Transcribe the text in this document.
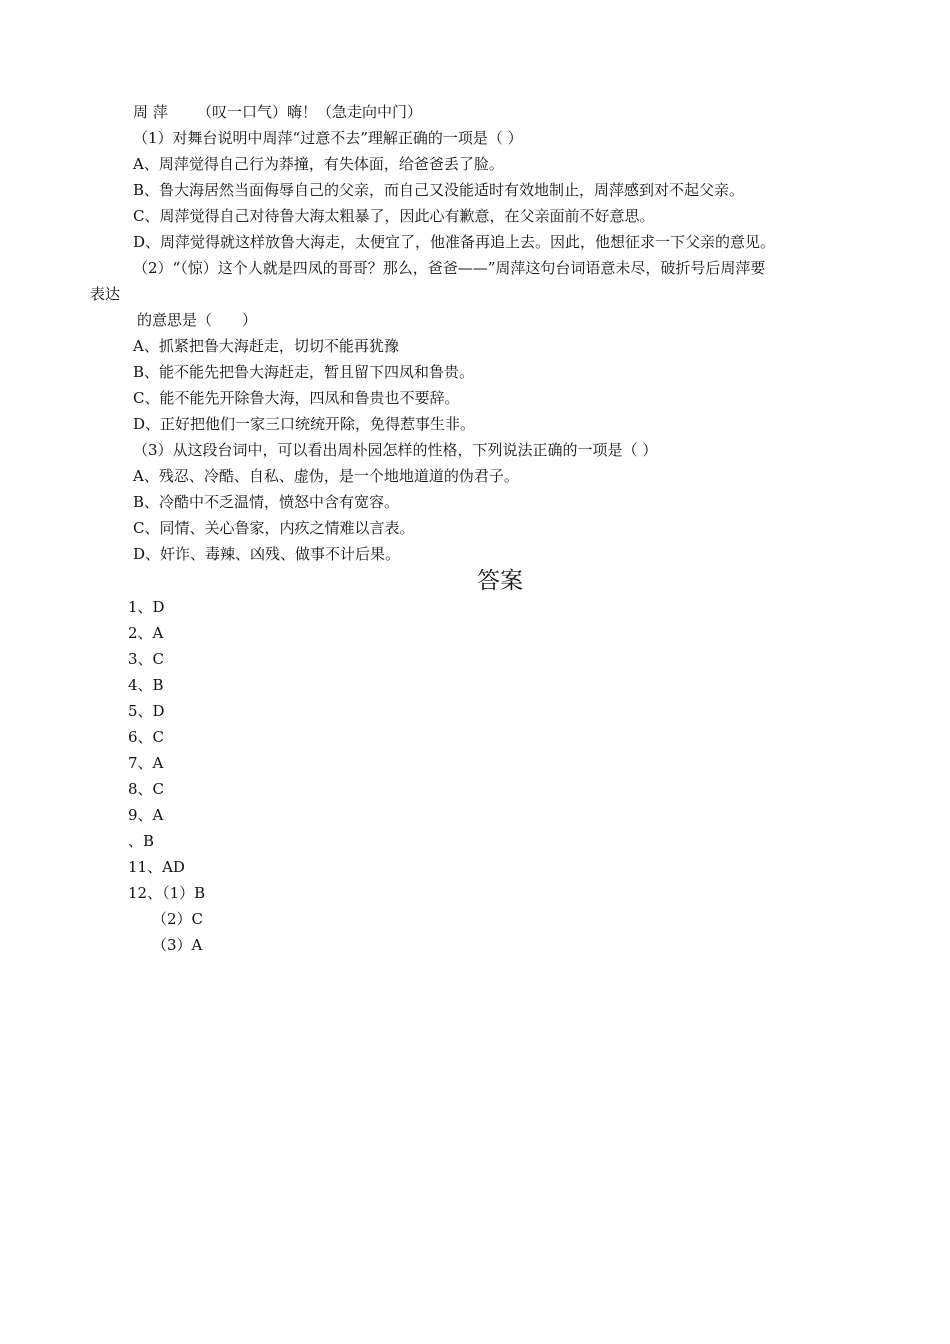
周 萍 （叹一口气）嗨！（急走向中门）
（1）对舞台说明中周萍“过意不去”理解正确的一项是（ ）
A、周萍觉得自己行为莽撞，有失体面，给爸爸丢了脸。
B、鲁大海居然当面侮辱自己的父亲，而自己又没能适时有效地制止，周萍感到对不起父亲。
C、周萍觉得自己对待鲁大海太粗暴了，因此心有歉意，在父亲面前不好意思。
D、周萍觉得就这样放鲁大海走，太便宜了，他准备再追上去。因此，他想征求一下父亲的意见。
（2）“（惊）这个人就是四凤的哥哥？那么，爸爸——”周萍这句台词语意未尽，破折号后周萍要
表达
的意思是（　　）
A、抓紧把鲁大海赶走，切切不能再犹豫
B、能不能先把鲁大海赶走，暂且留下四凤和鲁贵。
C、能不能先开除鲁大海，四凤和鲁贵也不要辞。
D、正好把他们一家三口统统开除，免得惹事生非。
（3）从这段台词中，可以看出周朴园怎样的性格，下列说法正确的一项是（ ）
A、残忍、冷酷、自私、虚伪，是一个地地道道的伪君子。
B、冷酷中不乏温情，愤怒中含有宽容。
C、同情、关心鲁家，内疚之情难以言表。
D、奸诈、毒辣、凶残、做事不计后果。
答案
1、D
2、A
3、C
4、B
5、D
6、C
7、A
8、C
9、A
、B
11、AD
12、（1）B
（2）C
（3）A
